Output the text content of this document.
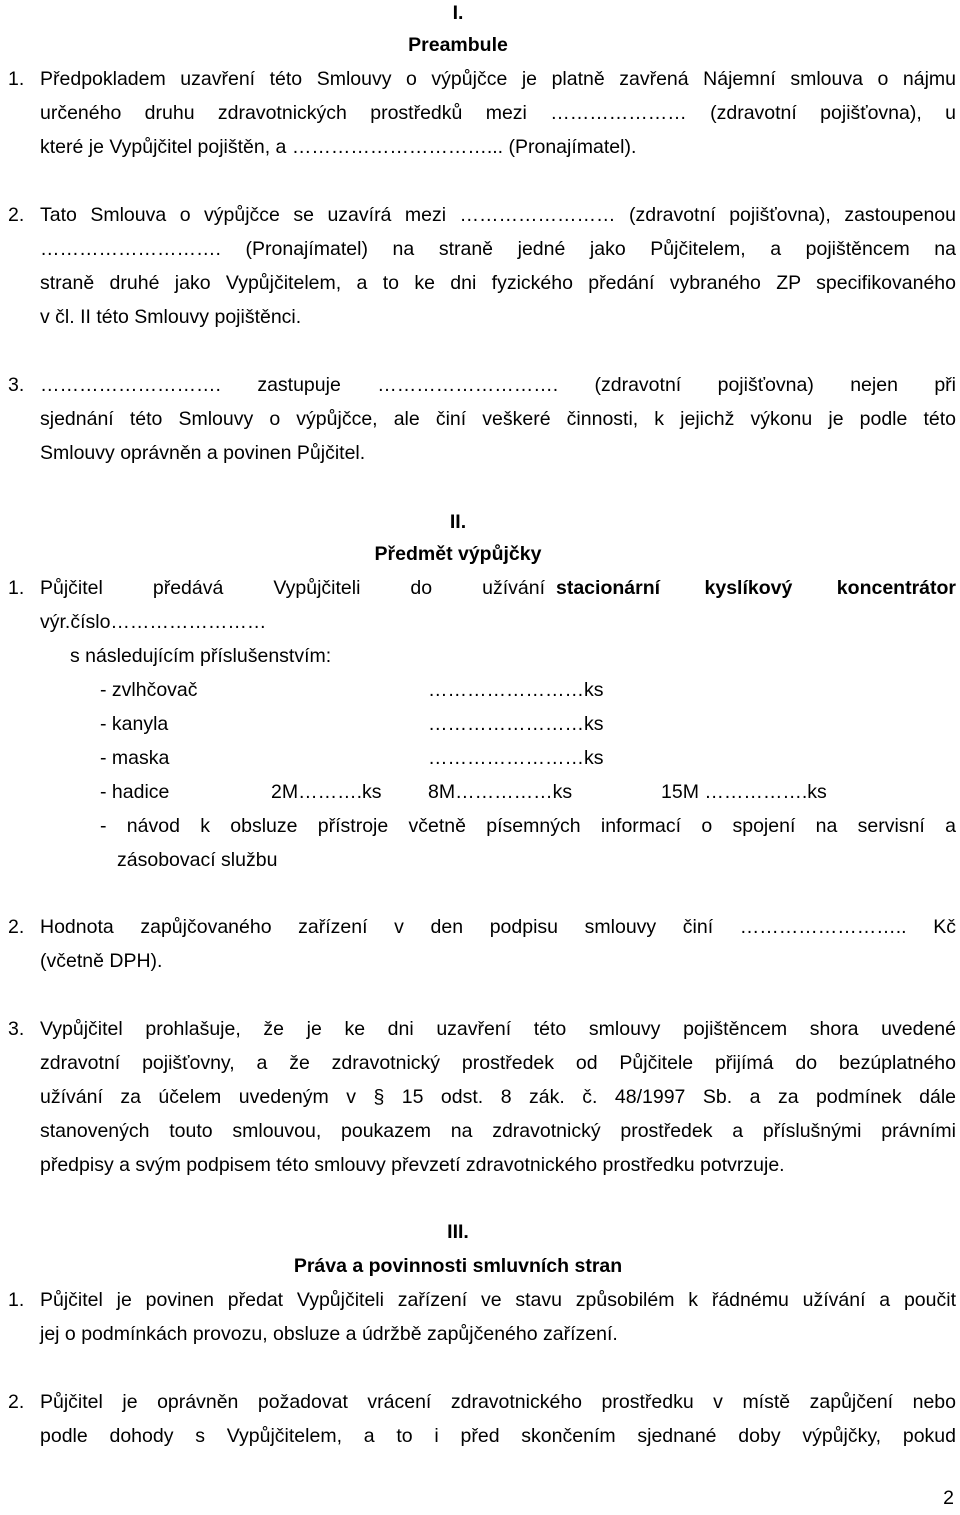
I.
Preambule
1. Předpokladem uzavření této Smlouvy o výpůjčce je platně zavřená Nájemní smlouva o nájmu
určeného druhu zdravotnických prostředků mezi ………………… (zdravotní pojišťovna), u
které je Vypůjčitel pojištěn, a …………………………... (Pronajímatel).
2. Tato Smlouva o výpůjčce se uzavírá mezi …………………… (zdravotní pojišťovna), zastoupenou
………………………. (Pronajímatel) na straně jedné jako Půjčitelem, a pojištěncem na
straně druhé jako Vypůjčitelem, a to ke dni fyzického předání vybraného ZP specifikovaného
v čl. II této Smlouvy pojištěnci.
3. ………………………. zastupuje ………………………. (zdravotní pojišťovna) nejen při
sjednání této Smlouvy o výpůjčce, ale činí veškeré činnosti, k jejichž výkonu je podle této
Smlouvy oprávněn a povinen Půjčitel.
II.
Předmět výpůjčky
1. Půjčitel	předává	Vypůjčiteli	do	užívání stacionární kyslíkový koncentrátor
výr.číslo……………………
s následujícím příslušenstvím:
- zvlhčovač	……………………ks
- kanyla	……………………ks
- maska	……………………ks
- hadice	2M……….ks 8M……………ks	15M …………….ks
- návod k obsluze přístroje včetně písemných informací o spojení na servisní a
zásobovací službu
2. Hodnota zapůjčovaného zařízení v den podpisu smlouvy činí …………………….. Kč
(včetně DPH).
3. Vypůjčitel prohlašuje, že je ke dni uzavření této smlouvy pojištěncem shora uvedené
zdravotní pojišťovny, a že zdravotnický prostředek od Půjčitele přijímá do bezúplatného
užívání za účelem uvedeným v § 15 odst. 8 zák. č. 48/1997 Sb. a za podmínek dále
stanovených touto smlouvou, poukazem na zdravotnický prostředek a příslušnými právními
předpisy a svým podpisem této smlouvy převzetí zdravotnického prostředku potvrzuje.
III.
Práva a povinnosti smluvních stran
1. Půjčitel je povinen předat Vypůjčiteli zařízení ve stavu způsobilém k řádnému užívání a poučit
jej o podmínkách provozu, obsluze a údržbě zapůjčeného zařízení.
2. Půjčitel je oprávněn požadovat vrácení zdravotnického prostředku v místě zapůjčení nebo
podle dohody s Vypůjčitelem, a to i před skončením sjednané doby výpůjčky, pokud
2
